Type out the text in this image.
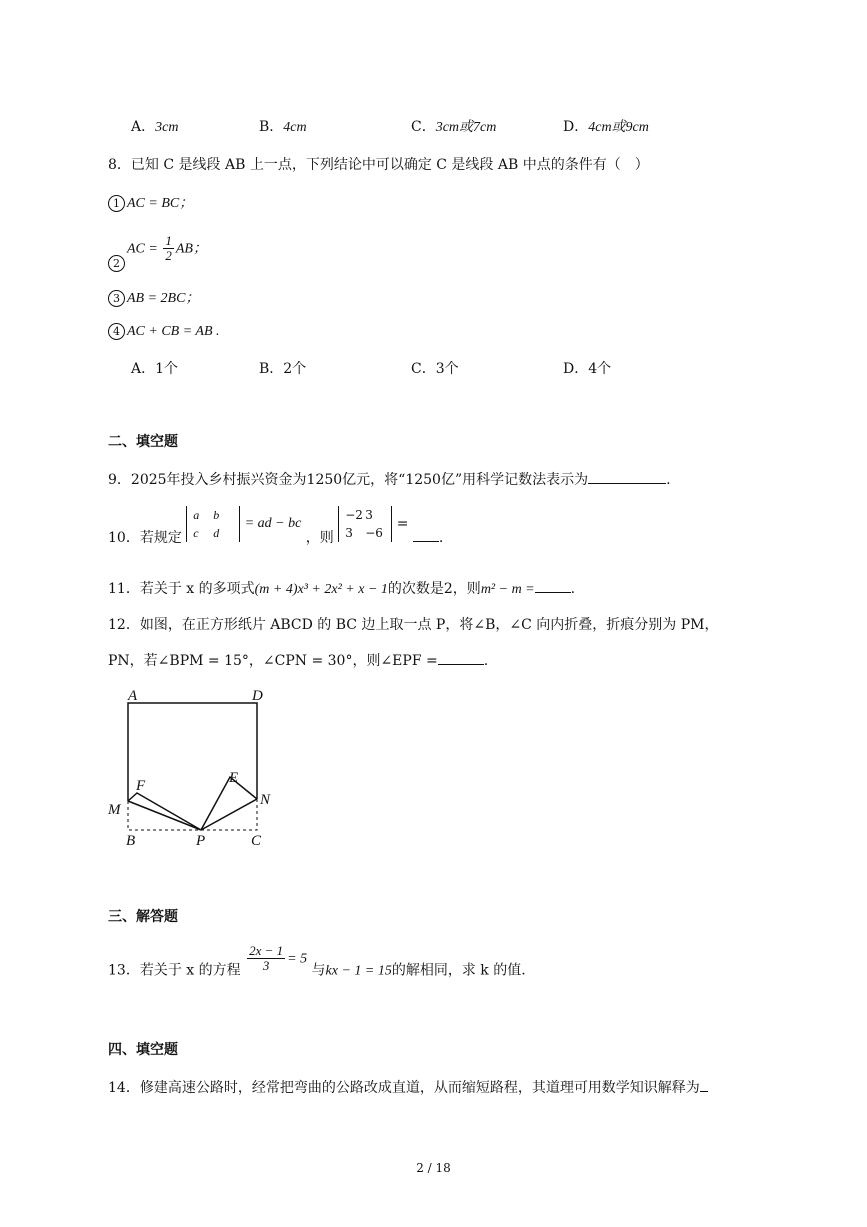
A．3cm	B．4cm	C．3cm或7cm	D．4cm或9cm
8．已知 C 是线段 AB 上一点，下列结论中可以确定 C 是线段 AB 中点的条件有（　）
1 AC = BC；
$2AC = \frac{1}{2}$ AB；
3 AB = 2BC；
4 AC + CB = AB .
A．1个	B．2个	C．3个	D．4个
二、填空题
9．2025年投入乡村振兴资金为1250亿元，将“1250亿”用科学记数法表示为	.
10．若规定
a b
c d
= ad − bc ，则
−2 3
3 −6
= .
11．若关于 x 的多项式(m + 4)x³ + 2x² + x − 1的次数是2，则m² − m =	.
12．如图，在正方形纸片 ABCD 的 BC 边上取一点 P，将∠B，∠C 向内折叠，折痕分别为 PM，
PN，若∠BPM = 15°，∠CPN = 30°，则∠EPF =	.
A	D
F	E
M
N
B	P	C
三、解答题
13．若关于 x 的方程 $\frac{2x - 1}{3} = 5$ 与kx − 1 = 15的解相同，求 k 的值.
四、填空题
14．修建高速公路时，经常把弯曲的公路改成直道，从而缩短路程，其道理可用数学知识解释为
2 / 18
